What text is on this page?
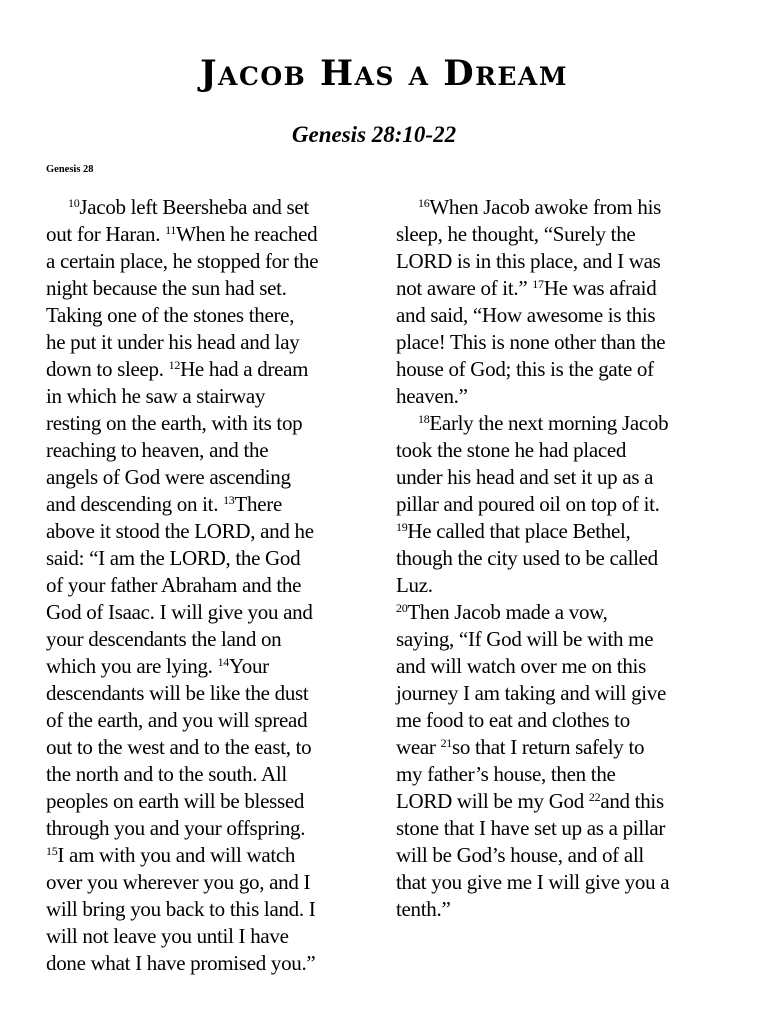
Jacob Has a Dream
Genesis 28:10-22
Genesis 28
$^{10}$Jacob left Beersheba and set
out for Haran. $^{11}$When he reached
a certain place, he stopped for the
night because the sun had set.
Taking one of the stones there,
he put it under his head and lay
down to sleep. $^{12}$He had a dream
in which he saw a stairway
resting on the earth, with its top
reaching to heaven, and the
angels of God were ascending
and descending on it. $^{13}$There
above it stood the LORD, and he
said: “I am the LORD, the God
of your father Abraham and the
God of Isaac. I will give you and
your descendants the land on
which you are lying. $^{14}$Your
descendants will be like the dust
of the earth, and you will spread
out to the west and to the east, to
the north and to the south. All
peoples on earth will be blessed
through you and your offspring.
$^{15}$I am with you and will watch
over you wherever you go, and I
will bring you back to this land. I
will not leave you until I have
done what I have promised you.”
$^{16}$When Jacob awoke from his
sleep, he thought, “Surely the
LORD is in this place, and I was
not aware of it.” $^{17}$He was afraid
and said, “How awesome is this
place! This is none other than the
house of God; this is the gate of
heaven.”
$^{18}$Early the next morning Jacob
took the stone he had placed
under his head and set it up as a
pillar and poured oil on top of it.
$^{19}$He called that place Bethel,
though the city used to be called
Luz.
$^{20}$Then Jacob made a vow,
saying, “If God will be with me
and will watch over me on this
journey I am taking and will give
me food to eat and clothes to
wear $^{21}$so that I return safely to
my father’s house, then the
LORD will be my God $^{22}$and this
stone that I have set up as a pillar
will be God’s house, and of all
that you give me I will give you a
tenth.”
